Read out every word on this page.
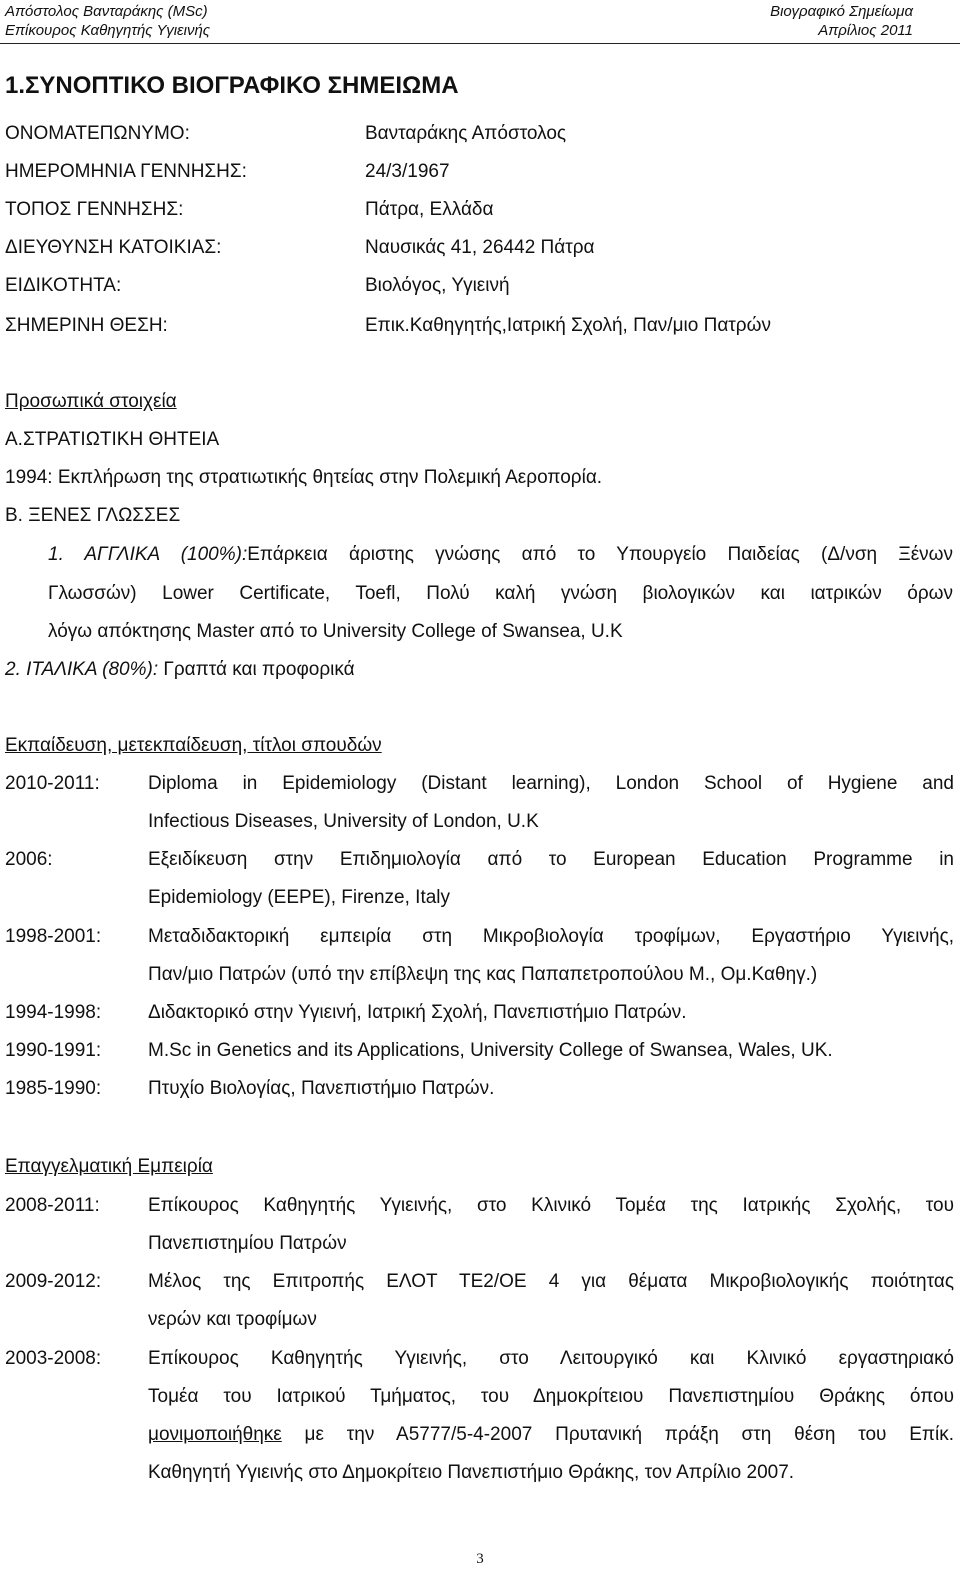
Απόστολος Βανταράκης (MSc)
Επίκουρος Καθηγητής Υγιεινής
Βιογραφικό Σημείωμα
Απρίλιος 2011
1.ΣΥΝΟΠΤΙΚΟ ΒΙΟΓΡΑΦΙΚΟ ΣΗΜΕΙΩΜΑ
ΟΝΟΜΑΤΕΠΩΝΥΜΟ:	Βανταράκης Απόστολος
ΗΜΕΡΟΜΗΝΙΑ ΓΕΝΝΗΣΗΣ:	24/3/1967
ΤΟΠΟΣ ΓΕΝΝΗΣΗΣ:	Πάτρα, Ελλάδα
ΔΙΕΥΘΥΝΣΗ ΚΑΤΟΙΚΙΑΣ:	Ναυσικάς 41, 26442 Πάτρα
ΕΙΔΙΚΟΤΗΤΑ:	Βιολόγος, Υγιεινή
ΣΗΜΕΡΙΝΗ ΘΕΣΗ:	Επικ.Καθηγητής,Ιατρική Σχολή, Παν/μιο Πατρών
Προσωπικά στοιχεία
Α.ΣΤΡΑΤΙΩΤΙΚΗ ΘΗΤΕΙΑ
1994: Εκπλήρωση της στρατιωτικής θητείας στην Πολεμική Αεροπορία.
Β. ΞΕΝΕΣ ΓΛΩΣΣΕΣ
1. ΑΓΓΛΙΚΑ (100%):Επάρκεια άριστης γνώσης από το Υπουργείο Παιδείας (Δ/νση Ξένων
Γλωσσών) Lower Certificate, Toefl, Πολύ καλή γνώση βιολογικών και ιατρικών όρων
λόγω απόκτησης Master από το University College of Swansea, U.K
2. ΙΤΑΛΙΚΑ (80%): Γραπτά και προφορικά
Εκπαίδευση, μετεκπαίδευση, τίτλοι σπουδών
2010-2011:	Diploma in Epidemiology (Distant learning), London School of Hygiene and
Infectious Diseases, University of London, U.K
2006:	Εξειδίκευση στην Επιδημιολογία από το European Education Programme in
Epidemiology (EEPE), Firenze, Italy
1998-2001:	Μεταδιδακτορική εμπειρία στη Μικροβιολογία τροφίμων, Εργαστήριο Υγιεινής,
Παν/μιο Πατρών (υπό την επίβλεψη της κας Παπαπετροπούλου Μ., Ομ.Καθηγ.)
1994-1998:	Διδακτορικό στην Υγιεινή, Ιατρική Σχολή, Πανεπιστήμιο Πατρών.
1990-1991:	M.Sc in Genetics and its Applications, University College of Swansea, Wales, UK.
1985-1990:	Πτυχίο Βιολογίας, Πανεπιστήμιο Πατρών.
Επαγγελματική Εμπειρία
2008-2011:	Επίκουρος Καθηγητής Υγιεινής, στο Κλινικό Τομέα της Ιατρικής Σχολής, του
Πανεπιστημίου Πατρών
2009-2012:	Μέλος της Επιτροπής ΕΛΟΤ ΤΕ2/ΟΕ 4 για θέματα Μικροβιολογικής ποιότητας
νερών και τροφίμων
2003-2008:	Επίκουρος Καθηγητής Υγιεινής, στο Λειτουργικό και Κλινικό εργαστηριακό
Τομέα του Ιατρικού Τμήματος, του Δημοκρίτειου Πανεπιστημίου Θράκης όπου
μονιμοποιήθηκε με την Α5777/5-4-2007 Πρυτανική πράξη στη θέση του Επίκ.
Καθηγητή Υγιεινής στο Δημοκρίτειο Πανεπιστήμιο Θράκης, τον Απρίλιο 2007.
3
